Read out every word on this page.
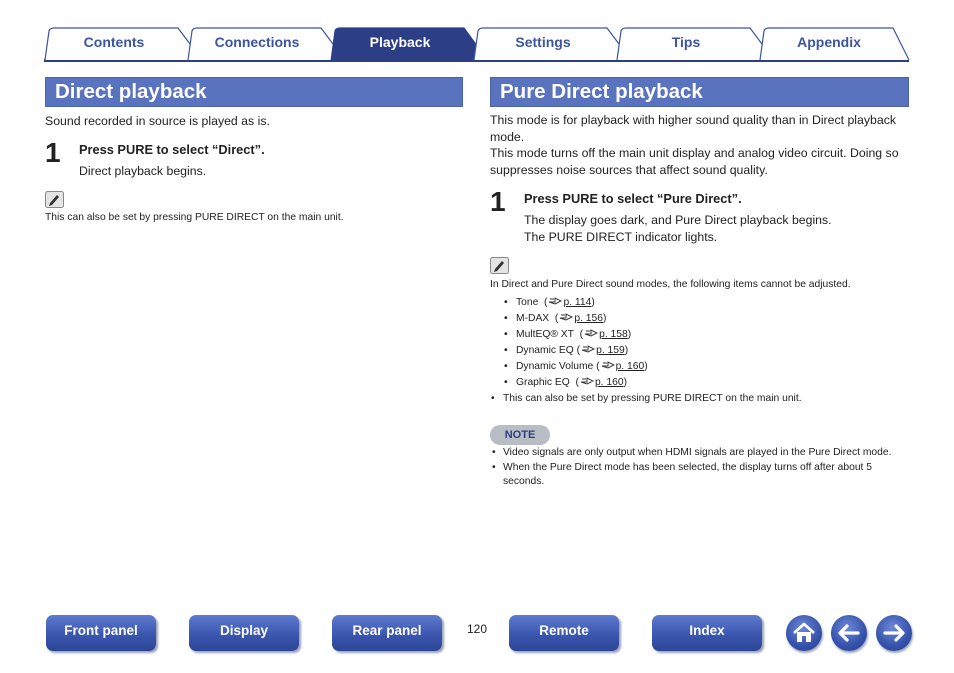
Contents	Connections	Playback	Settings	Tips	Appendix
Direct playback
Sound recorded in source is played as is.
1 Press PURE to select “Direct”.
Direct playback begins.
This can also be set by pressing PURE DIRECT on the main unit.
Pure Direct playback
This mode is for playback with higher sound quality than in Direct playback mode.
This mode turns off the main unit display and analog video circuit. Doing so suppresses noise sources that affect sound quality.
1 Press PURE to select “Pure Direct”.
The display goes dark, and Pure Direct playback begins.
The PURE DIRECT indicator lights.
In Direct and Pure Direct sound modes, the following items cannot be adjusted.
• Tone  ( p. 114)
• M-DAX  ( p. 156)
• MultEQ® XT  ( p. 158)
• Dynamic EQ ( p. 159)
• Dynamic Volume ( p. 160)
• Graphic EQ  ( p. 160)
• This can also be set by pressing PURE DIRECT on the main unit.
NOTE
• Video signals are only output when HDMI signals are played in the Pure Direct mode.
• When the Pure Direct mode has been selected, the display turns off after about 5 seconds.
Front panel	Display	Rear panel	120	Remote	Index
